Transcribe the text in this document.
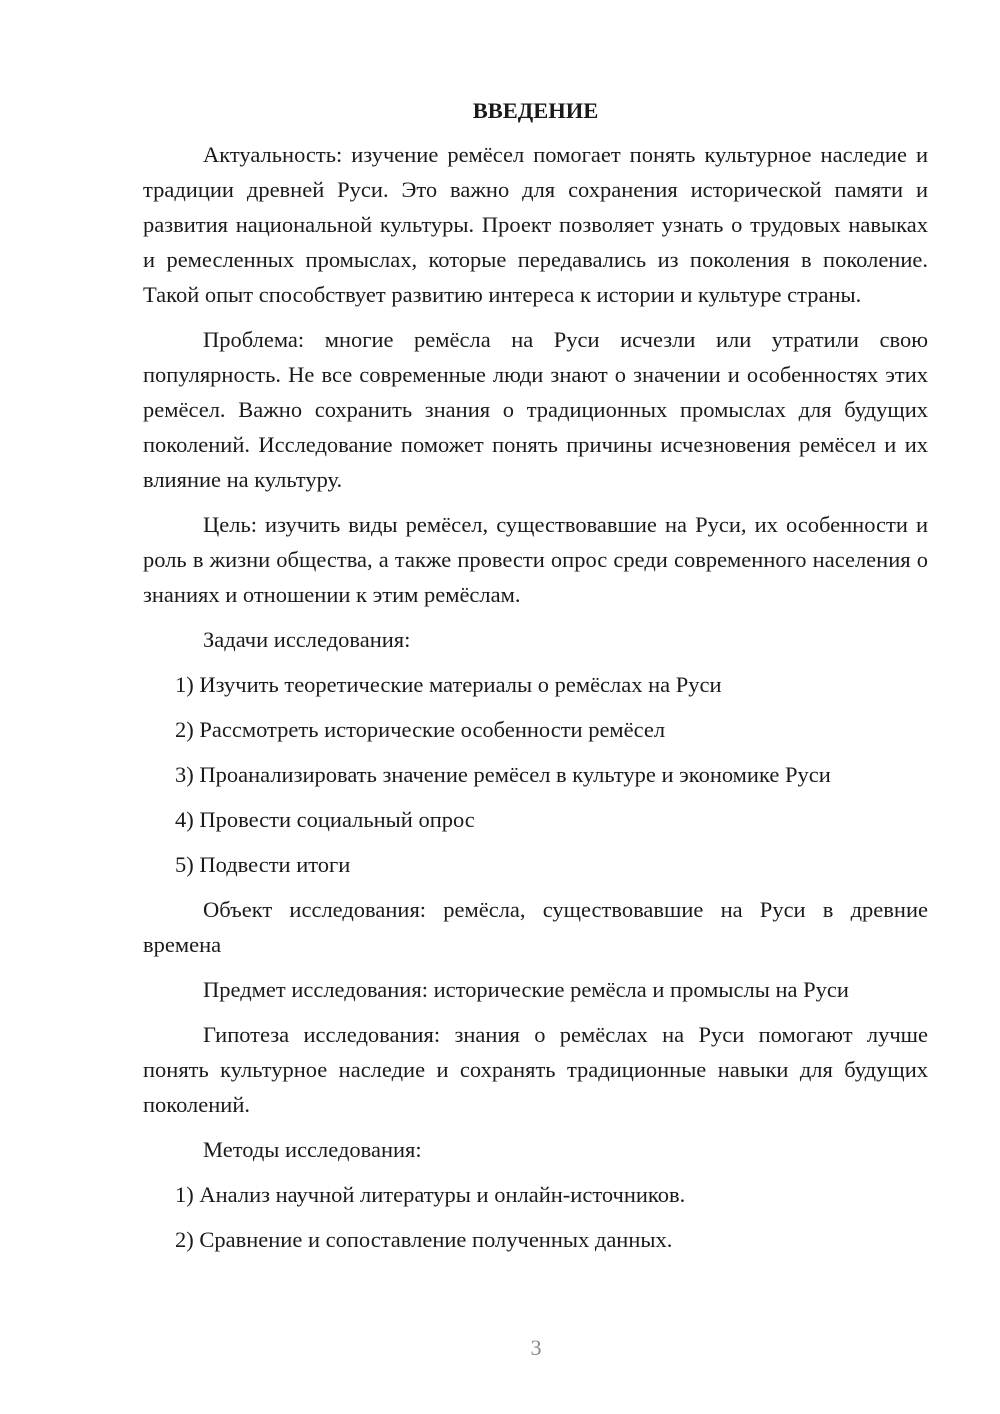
ВВЕДЕНИЕ

Актуальность: изучение ремёсел помогает понять культурное наследие и традиции древней Руси. Это важно для сохранения исторической памяти и развития национальной культуры. Проект позволяет узнать о трудовых навыках и ремесленных промыслах, которые передавались из поколения в поколение. Такой опыт способствует развитию интереса к истории и культуре страны.

Проблема: многие ремёсла на Руси исчезли или утратили свою популярность. Не все современные люди знают о значении и особенностях этих ремёсел. Важно сохранить знания о традиционных промыслах для будущих поколений. Исследование поможет понять причины исчезновения ремёсел и их влияние на культуру.

Цель: изучить виды ремёсел, существовавшие на Руси, их особенности и роль в жизни общества, а также провести опрос среди современного населения о знаниях и отношении к этим ремёслам.

Задачи исследования:

1) Изучить теоретические материалы о ремёслах на Руси
2) Рассмотреть исторические особенности ремёсел
3) Проанализировать значение ремёсел в культуре и экономике Руси
4) Провести социальный опрос
5) Подвести итоги

Объект исследования: ремёсла, существовавшие на Руси в древние времена

Предмет исследования: исторические ремёсла и промыслы на Руси

Гипотеза исследования: знания о ремёслах на Руси помогают лучше понять культурное наследие и сохранять традиционные навыки для будущих поколений.

Методы исследования:

1) Анализ научной литературы и онлайн-источников.
2) Сравнение и сопоставление полученных данных.
3
